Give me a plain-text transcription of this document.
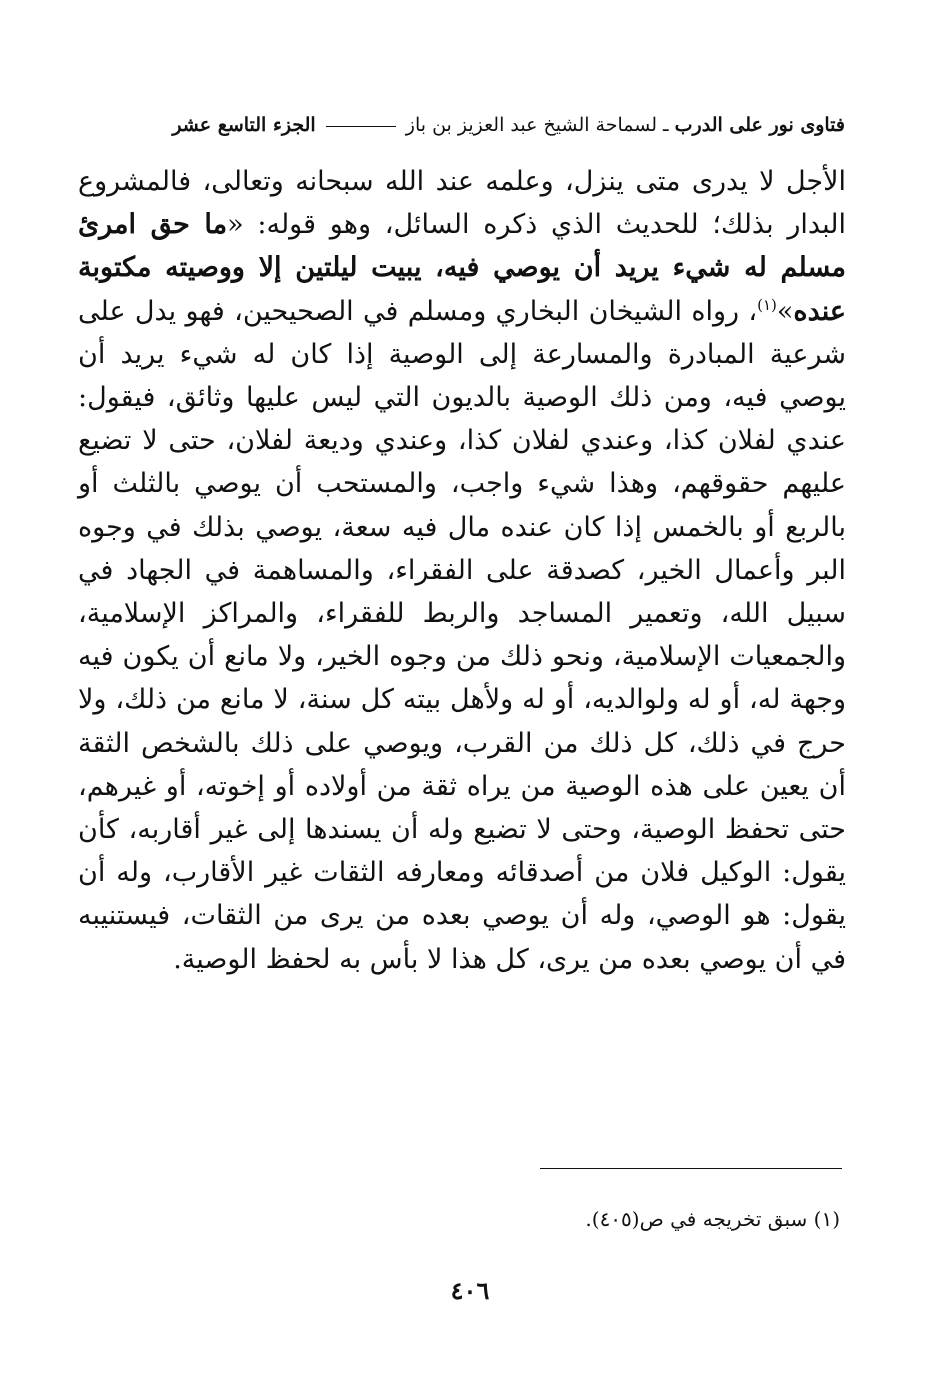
فتاوى نور على الدرب ـ لسماحة الشيخ عبد العزيز بن باز  الجزء التاسع عشر

الأجل لا يدرى متى ينزل، وعلمه عند الله سبحانه وتعالى، فالمشروع البدار بذلك؛ للحديث الذي ذكره السائل، وهو قوله: «ما حق امرئ مسلم له شيء يريد أن يوصي فيه، يبيت ليلتين إلا ووصيته مكتوبة عنده»$^{(١)}$، رواه الشيخان البخاري ومسلم في الصحيحين، فهو يدل على شرعية المبادرة والمسارعة إلى الوصية إذا كان له شيء يريد أن يوصي فيه، ومن ذلك الوصية بالديون التي ليس عليها وثائق، فيقول: عندي لفلان كذا، وعندي لفلان كذا، وعندي وديعة لفلان، حتى لا تضيع عليهم حقوقهم، وهذا شيء واجب، والمستحب أن يوصي بالثلث أو بالربع أو بالخمس إذا كان عنده مال فيه سعة، يوصي بذلك في وجوه البر وأعمال الخير، كصدقة على الفقراء، والمساهمة في الجهاد في سبيل الله، وتعمير المساجد والربط للفقراء، والمراكز الإسلامية، والجمعيات الإسلامية، ونحو ذلك من وجوه الخير، ولا مانع أن يكون فيه وجهة له، أو له ولوالديه، أو له ولأهل بيته كل سنة، لا مانع من ذلك، ولا حرج في ذلك، كل ذلك من القرب، ويوصي على ذلك بالشخص الثقة أن يعين على هذه الوصية من يراه ثقة من أولاده أو إخوته، أو غيرهم، حتى تحفظ الوصية، وحتى لا تضيع وله أن يسندها إلى غير أقاربه، كأن يقول: الوكيل فلان من أصدقائه ومعارفه الثقات غير الأقارب، وله أن يقول: هو الوصي، وله أن يوصي بعده من يرى من الثقات، فيستنيبه في أن يوصي بعده من يرى، كل هذا لا بأس به لحفظ الوصية.

(١) سبق تخريجه في ص(٤٠٥).
٤٠٦
